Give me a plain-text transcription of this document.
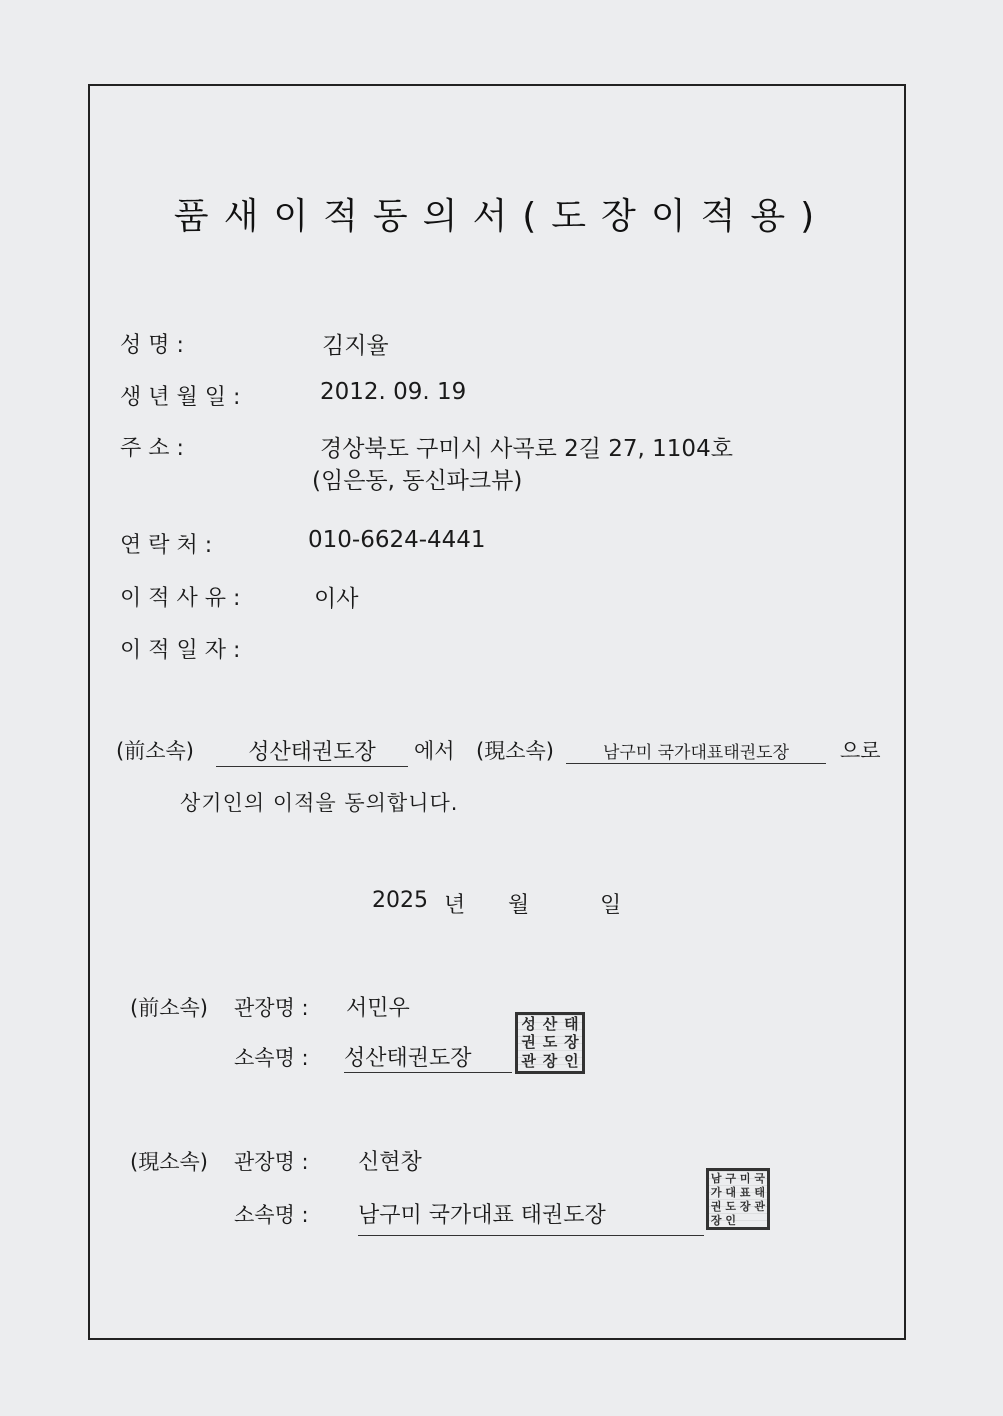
품새이적동의서(도장이적용)
성 명 :	김지율
생 년 월 일 :	2012. 09. 19
주 소 :	경상북도 구미시 사곡로 2길 27, 1104호
(임은동, 동신파크뷰)
연 락 처 :	010-6624-4441
이 적 사 유 :	이사
이 적 일 자 :
(前소속)	성산태권도장	에서 (現소속)	남구미 국가대표태권도장	으로
상기인의 이적을 동의합니다.
2025 년 월	일
(前소속) 관장명 : 서민우
소속명 : 성산태권도장
성 산 태
권 도 장
관 장 인
(現소속) 관장명 : 신현창
소속명 : 남구미 국가대표 태권도장
남 구 미 국
가 대 표 태
권 도 장 관
장 인
